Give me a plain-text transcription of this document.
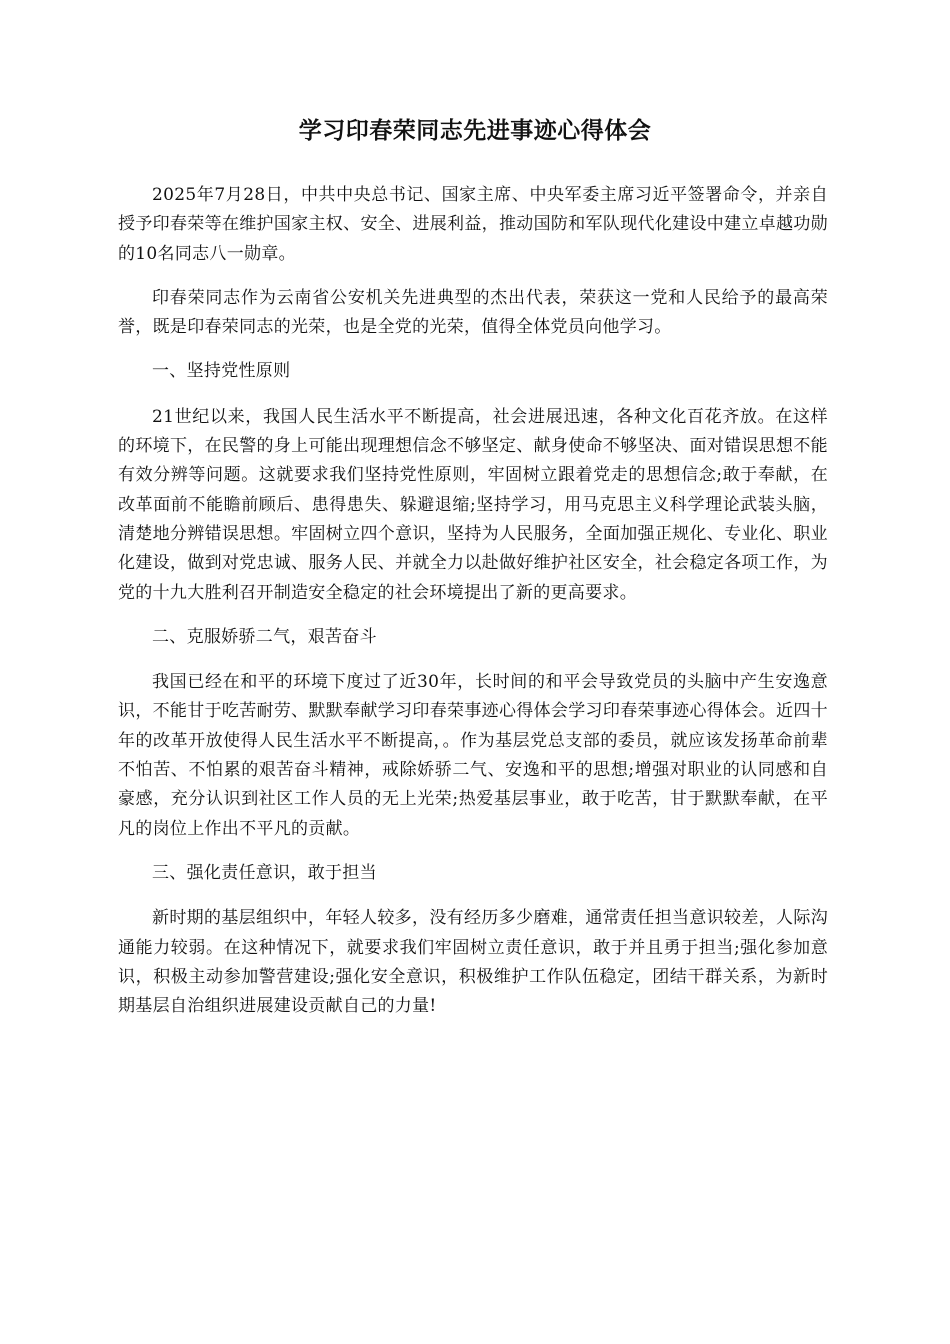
学习印春荣同志先进事迹心得体会

2025年7月28日，中共中央总书记、国家主席、中央军委主席习近平签署命令，并亲自授予印春荣等在维护国家主权、安全、进展利益，推动国防和军队现代化建设中建立卓越功勋的10名同志八一勋章。

印春荣同志作为云南省公安机关先进典型的杰出代表，荣获这一党和人民给予的最高荣誉，既是印春荣同志的光荣，也是全党的光荣，值得全体党员向他学习。

一、坚持党性原则

21世纪以来，我国人民生活水平不断提高，社会进展迅速，各种文化百花齐放。在这样的环境下，在民警的身上可能出现理想信念不够坚定、献身使命不够坚决、面对错误思想不能有效分辨等问题。这就要求我们坚持党性原则，牢固树立跟着党走的思想信念;敢于奉献，在改革面前不能瞻前顾后、患得患失、躲避退缩;坚持学习，用马克思主义科学理论武装头脑，清楚地分辨错误思想。牢固树立四个意识，坚持为人民服务，全面加强正规化、专业化、职业化建设，做到对党忠诚、服务人民、并就全力以赴做好维护社区安全，社会稳定各项工作，为党的十九大胜利召开制造安全稳定的社会环境提出了新的更高要求。

二、克服娇骄二气，艰苦奋斗

我国已经在和平的环境下度过了近30年，长时间的和平会导致党员的头脑中产生安逸意识，不能甘于吃苦耐劳、默默奉献学习印春荣事迹心得体会学习印春荣事迹心得体会。近四十年的改革开放使得人民生活水平不断提高，。作为基层党总支部的委员，就应该发扬革命前辈不怕苦、不怕累的艰苦奋斗精神，戒除娇骄二气、安逸和平的思想;增强对职业的认同感和自豪感，充分认识到社区工作人员的无上光荣;热爱基层事业，敢于吃苦，甘于默默奉献，在平凡的岗位上作出不平凡的贡献。

三、强化责任意识，敢于担当

新时期的基层组织中，年轻人较多，没有经历多少磨难，通常责任担当意识较差，人际沟通能力较弱。在这种情况下，就要求我们牢固树立责任意识，敢于并且勇于担当;强化参加意识，积极主动参加警营建设;强化安全意识，积极维护工作队伍稳定，团结干群关系，为新时期基层自治组织进展建设贡献自己的力量!
